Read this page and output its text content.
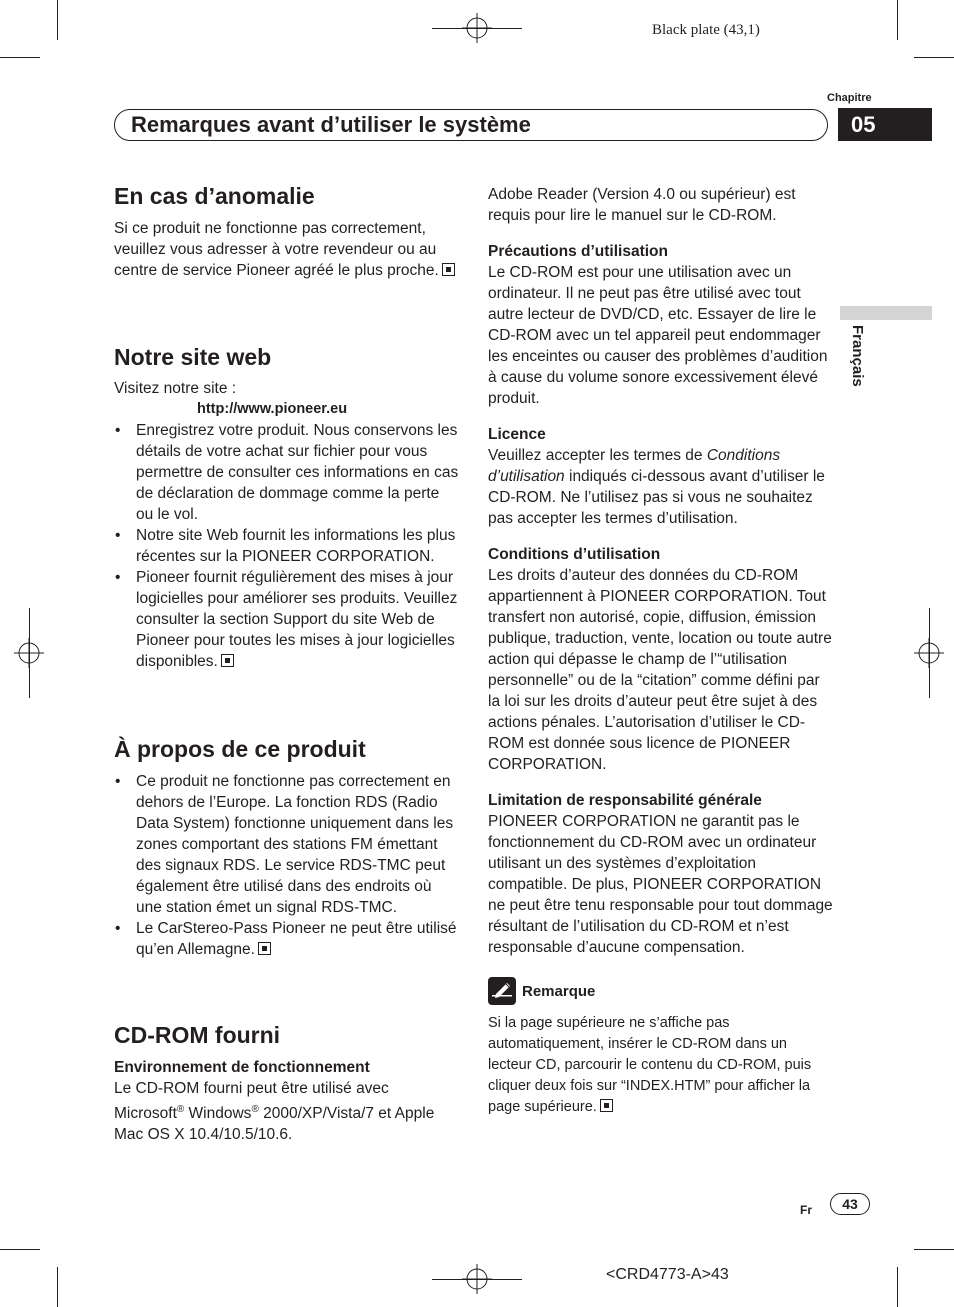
Black plate (43,1)
Chapitre
Remarques avant d’utiliser le système	05
Français
En cas d’anomalie

Si ce produit ne fonctionne pas correctement, veuillez vous adresser à votre revendeur ou au centre de service Pioneer agréé le plus proche.

Notre site web

Visitez notre site :

http://www.pioneer.eu

• Enregistrez votre produit. Nous conservons les détails de votre achat sur fichier pour vous permettre de consulter ces informations en cas de déclaration de dommage comme la perte ou le vol.

• Notre site Web fournit les informations les plus récentes sur la PIONEER CORPORATION.

• Pioneer fournit régulièrement des mises à jour logicielles pour améliorer ses produits. Veuillez consulter la section Support du site Web de Pioneer pour toutes les mises à jour logicielles disponibles.

À propos de ce produit

• Ce produit ne fonctionne pas correctement en dehors de l’Europe. La fonction RDS (Radio Data System) fonctionne uniquement dans les zones comportant des stations FM émettant des signaux RDS. Le service RDS-TMC peut également être utilisé dans des endroits où une station émet un signal RDS-TMC.

• Le CarStereo-Pass Pioneer ne peut être utilisé qu’en Allemagne.

CD-ROM fourni
Environnement de fonctionnement

Le CD-ROM fourni peut être utilisé avec Microsoft® Windows® 2000/XP/Vista/7 et Apple Mac OS X 10.4/10.5/10.6.

Adobe Reader (Version 4.0 ou supérieur) est requis pour lire le manuel sur le CD-ROM.

Précautions d’utilisation

Le CD-ROM est pour une utilisation avec un ordinateur. Il ne peut pas être utilisé avec tout autre lecteur de DVD/CD, etc. Essayer de lire le CD-ROM avec un tel appareil peut endommager les enceintes ou causer des problèmes d’audition à cause du volume sonore excessivement élevé produit.

Licence

Veuillez accepter les termes de Conditions d’utilisation indiqués ci-dessous avant d’utiliser le CD-ROM. Ne l’utilisez pas si vous ne souhaitez pas accepter les termes d’utilisation.

Conditions d’utilisation

Les droits d’auteur des données du CD-ROM appartiennent à PIONEER CORPORATION. Tout transfert non autorisé, copie, diffusion, émission publique, traduction, vente, location ou toute autre action qui dépasse le champ de l’“utilisation personnelle” ou de la “citation” comme défini par la loi sur les droits d’auteur peut être sujet à des actions pénales. L’autorisation d’utiliser le CD-ROM est donnée sous licence de PIONEER CORPORATION.

Limitation de responsabilité générale

PIONEER CORPORATION ne garantit pas le fonctionnement du CD-ROM avec un ordinateur utilisant un des systèmes d’exploitation compatible. De plus, PIONEER CORPORATION ne peut être tenu responsable pour tout dommage résultant de l’utilisation du CD-ROM et n’est responsable d’aucune compensation.

Remarque

Si la page supérieure ne s’affiche pas automatiquement, insérer le CD-ROM dans un lecteur CD, parcourir le contenu du CD-ROM, puis cliquer deux fois sur “INDEX.HTM” pour afficher la page supérieure.

Fr	43
<CRD4773-A>43
